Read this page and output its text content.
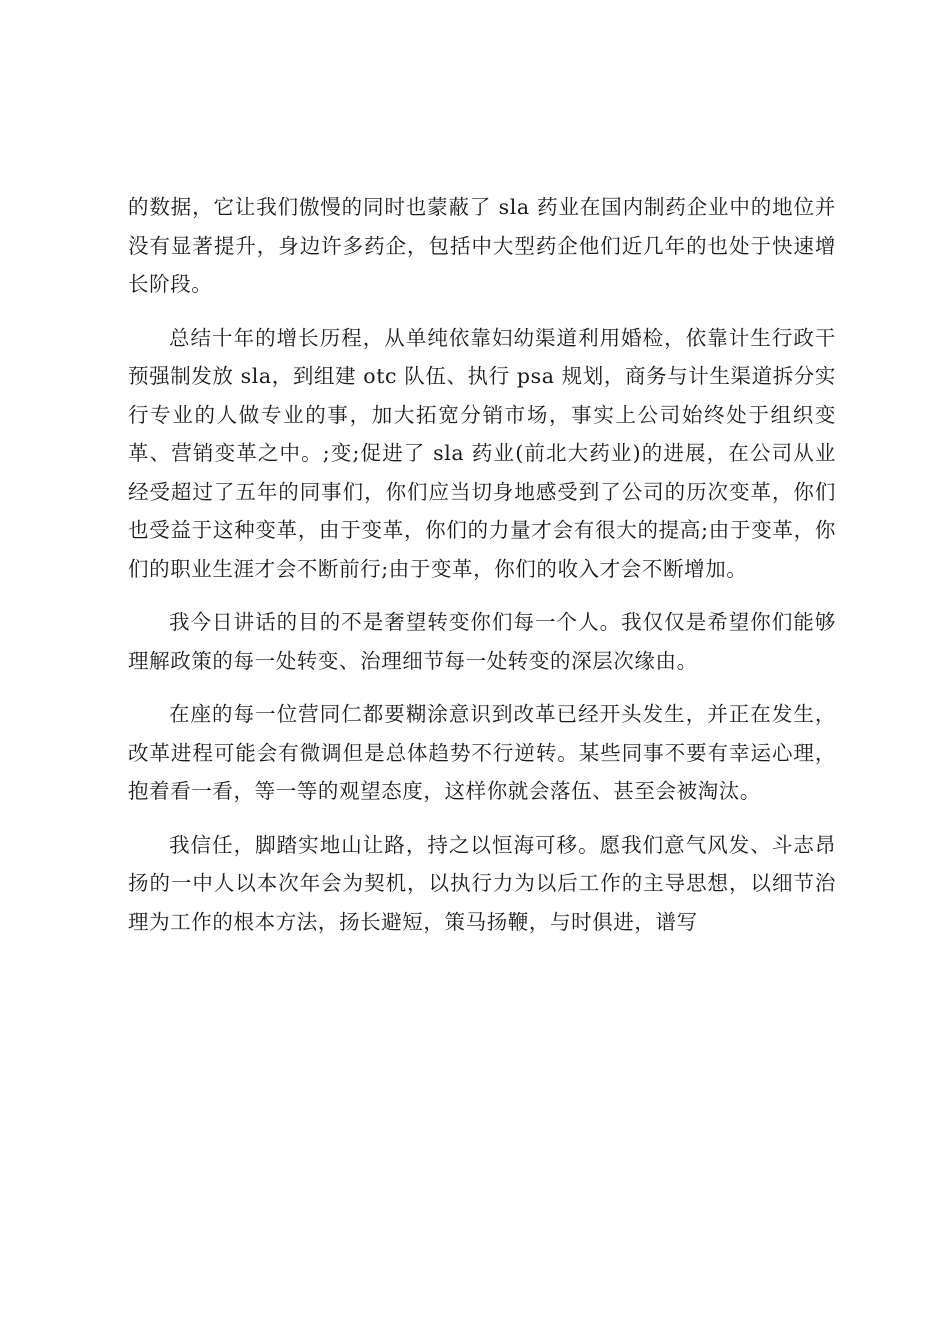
的数据，它让我们傲慢的同时也蒙蔽了 sla 药业在国内制药企业中的地位并没有显著提升，身边许多药企，包括中大型药企他们近几年的也处于快速增长阶段。

总结十年的增长历程，从单纯依靠妇幼渠道利用婚检，依靠计生行政干预强制发放 sla，到组建 otc 队伍、执行 psa 规划，商务与计生渠道拆分实行专业的人做专业的事，加大拓宽分销市场，事实上公司始终处于组织变革、营销变革之中。;变;促进了 sla 药业(前北大药业)的进展，在公司从业经受超过了五年的同事们，你们应当切身地感受到了公司的历次变革，你们也受益于这种变革，由于变革，你们的力量才会有很大的提高;由于变革，你们的职业生涯才会不断前行;由于变革，你们的收入才会不断增加。

我今日讲话的目的不是奢望转变你们每一个人。我仅仅是希望你们能够理解政策的每一处转变、治理细节每一处转变的深层次缘由。

在座的每一位营同仁都要糊涂意识到改革已经开头发生，并正在发生，改革进程可能会有微调但是总体趋势不行逆转。某些同事不要有幸运心理，抱着看一看，等一等的观望态度，这样你就会落伍、甚至会被淘汰。

我信任，脚踏实地山让路，持之以恒海可移。愿我们意气风发、斗志昂扬的一中人以本次年会为契机，以执行力为以后工作的主导思想，以细节治理为工作的根本方法，扬长避短，策马扬鞭，与时俱进，谱写
